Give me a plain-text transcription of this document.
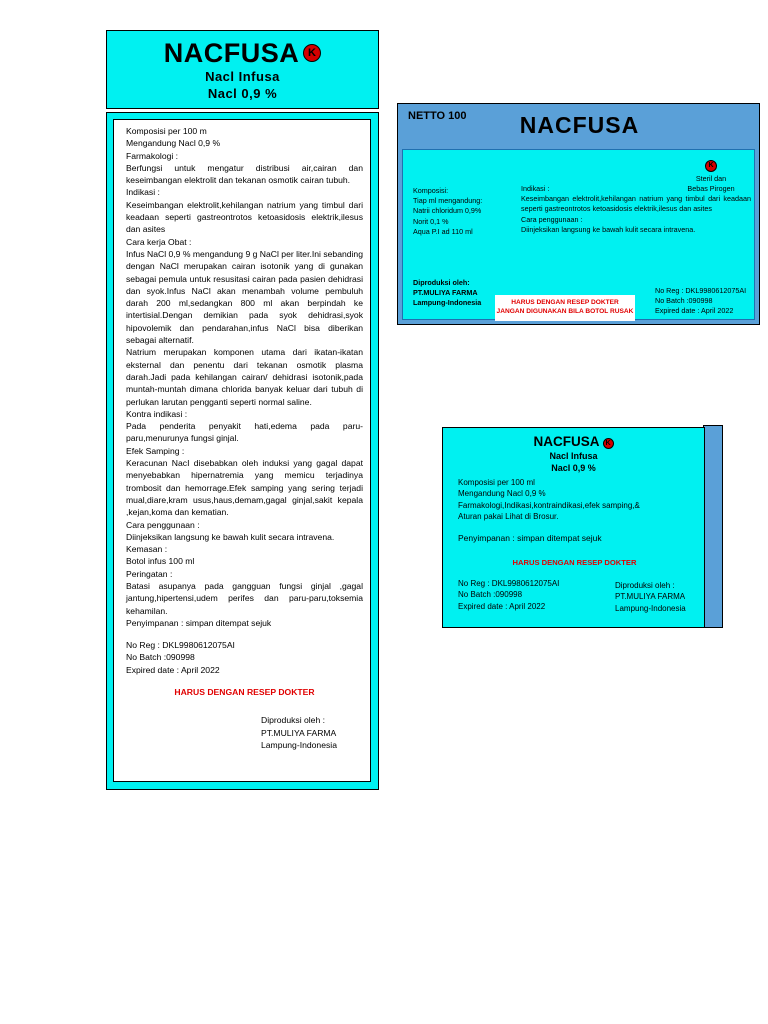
NACFUSA K
Nacl Infusa
Nacl 0,9 %

Komposisi per 100 m

Mengandung Nacl 0,9 %

Farmakologi :

Berfungsi untuk mengatur distribusi air,cairan dan keseimbangan elektrolit dan tekanan osmotik cairan tubuh.

Indikasi :

Keseimbangan elektrolit,kehilangan natrium yang timbul dari keadaan seperti gastreontrotos ketoasidosis elektrik,ilesus dan asites

Cara kerja Obat :

Infus NaCl 0,9 % mengandung 9 g NaCl per liter.Ini sebanding dengan NaCl merupakan cairan isotonik yang di gunakan sebagai pemula untuk resusitasi cairan pada pasien dehidrasi dan syok.Infus NaCl akan menambah volume pembuluh darah 200 ml,sedangkan 800 ml akan berpindah ke intertisial.Dengan demikian pada syok dehidrasi,syok hipovolemik dan pendarahan,infus NaCl bisa diberikan sebagai alternatif.

Natrium merupakan komponen utama dari ikatan-ikatan eksternal dan penentu dari tekanan osmotik plasma darah.Jadi pada kehilangan cairan/ dehidrasi isotonik,pada muntah-muntah dimana chlorida banyak keluar dari tubuh di perlukan larutan pengganti seperti normal saline.

Kontra indikasi :

Pada penderita penyakit hati,edema pada paru-paru,menurunya fungsi ginjal.

Efek Samping :

Keracunan NacI disebabkan oleh induksi yang gagal dapat menyebabkan hipernatremia yang memicu terjadinya trombosit dan hemorrage.Efek samping yang sering terjadi mual,diare,kram usus,haus,demam,gagal ginjal,sakit kepala ,kejan,koma dan kematian.

Cara penggunaan :

Diinjeksikan langsung ke bawah kulit secara intravena.

Kemasan :

Botol infus 100 ml

Peringatan :

Batasi asupanya pada gangguan fungsi ginjal ,gagal jantung,hipertensi,udem perifes dan paru-paru,toksemia kehamilan.

Penyimpanan : simpan ditempat sejuk

No Reg : DKL9980612075AI

No Batch :090998

Expired date : April 2022

HARUS DENGAN RESEP DOKTER

Diproduksi oleh :

PT.MULIYA FARMA

Lampung-Indonesia

NETTO 100	NACFUSA
K
Steril dan
Bebas Pirogen
Komposisi:
Tiap ml mengandung:
Natrii chloridum 0,9%
Norit 0,1 %
Aqua P.I ad 110 ml
Indikasi :
Keseimbangan elektrolit,kehilangan natrium yang timbul dari keadaan seperti gastreontrotos ketoasidosis elektrik,ilesus dan asites
Cara penggunaan :
Diinjeksikan langsung ke bawah kulit secara intravena.
Diproduksi oleh:
PT.MULIYA FARMA
Lampung-Indonesia	HARUS DENGAN RESEP DOKTER
JANGAN DIGUNAKAN BILA BOTOL RUSAK
No Reg : DKL9980612075AI
No Batch :090998
Expired date : April 2022
NACFUSA K
Nacl Infusa
Nacl 0,9 %
Komposisi per 100 ml
Mengandung Nacl 0,9 %
Farmakologi,Indikasi,kontraindikasi,efek samping,&
Aturan pakai Lihat di Brosur.
Penyimpanan : simpan ditempat sejuk
HARUS DENGAN RESEP DOKTER
No Reg : DKL9980612075AI
No Batch :090998
Expired date : April 2022
Diproduksi oleh :
PT.MULIYA FARMA
Lampung-Indonesia
